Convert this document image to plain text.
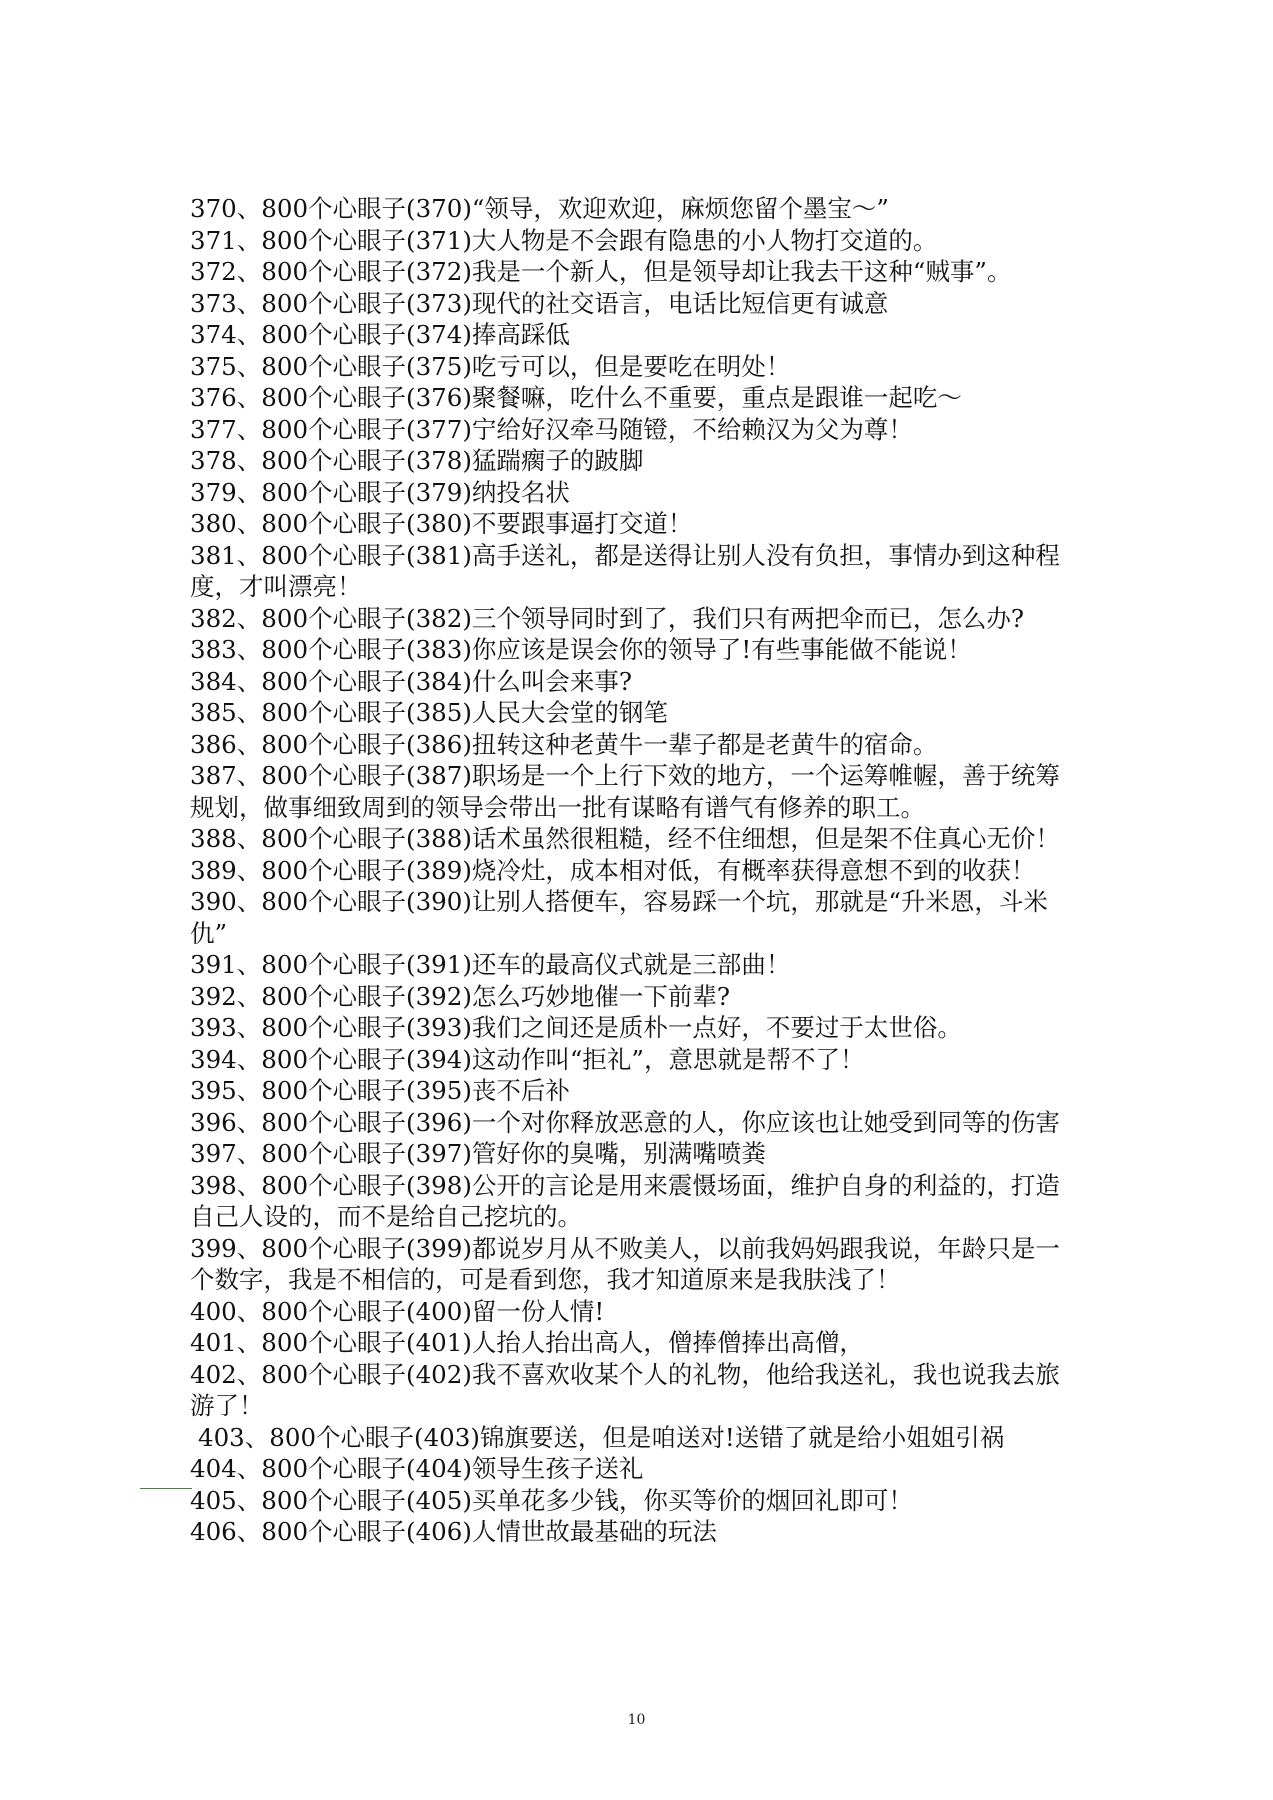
370、800个心眼子(370)“领导，欢迎欢迎，麻烦您留个墨宝～”
371、800个心眼子(371)大人物是不会跟有隐患的小人物打交道的。
372、800个心眼子(372)我是一个新人，但是领导却让我去干这种“贼事”。
373、800个心眼子(373)现代的社交语言，电话比短信更有诚意
374、800个心眼子(374)捧高踩低
375、800个心眼子(375)吃亏可以，但是要吃在明处！
376、800个心眼子(376)聚餐嘛，吃什么不重要，重点是跟谁一起吃～
377、800个心眼子(377)宁给好汉牵马随镫，不给赖汉为父为尊！
378、800个心眼子(378)猛踹瘸子的跛脚
379、800个心眼子(379)纳投名状
380、800个心眼子(380)不要跟事逼打交道！
381、800个心眼子(381)高手送礼，都是送得让别人没有负担，事情办到这种程度，才叫漂亮！
382、800个心眼子(382)三个领导同时到了，我们只有两把伞而已，怎么办?
383、800个心眼子(383)你应该是误会你的领导了!有些事能做不能说！
384、800个心眼子(384)什么叫会来事?
385、800个心眼子(385)人民大会堂的钢笔
386、800个心眼子(386)扭转这种老黄牛一辈子都是老黄牛的宿命。
387、800个心眼子(387)职场是一个上行下效的地方，一个运筹帷幄，善于统筹规划，做事细致周到的领导会带出一批有谋略有谱气有修养的职工。
388、800个心眼子(388)话术虽然很粗糙，经不住细想，但是架不住真心无价！
389、800个心眼子(389)烧冷灶，成本相对低，有概率获得意想不到的收获！
390、800个心眼子(390)让别人搭便车，容易踩一个坑，那就是“升米恩，斗米仇”
391、800个心眼子(391)还车的最高仪式就是三部曲！
392、800个心眼子(392)怎么巧妙地催一下前辈?
393、800个心眼子(393)我们之间还是质朴一点好，不要过于太世俗。
394、800个心眼子(394)这动作叫“拒礼”，意思就是帮不了！
395、800个心眼子(395)丧不后补
396、800个心眼子(396)一个对你释放恶意的人，你应该也让她受到同等的伤害
397、800个心眼子(397)管好你的臭嘴，别满嘴喷粪
398、800个心眼子(398)公开的言论是用来震慑场面，维护自身的利益的，打造自己人设的，而不是给自己挖坑的。
399、800个心眼子(399)都说岁月从不败美人，以前我妈妈跟我说，年龄只是一个数字，我是不相信的，可是看到您，我才知道原来是我肤浅了！
400、800个心眼子(400)留一份人情!
401、800个心眼子(401)人抬人抬出高人，僧捧僧捧出高僧，
402、800个心眼子(402)我不喜欢收某个人的礼物，他给我送礼，我也说我去旅游了！
403、800个心眼子(403)锦旗要送，但是咱送对!送错了就是给小姐姐引祸
404、800个心眼子(404)领导生孩子送礼
405、800个心眼子(405)买单花多少钱，你买等价的烟回礼即可！
406、800个心眼子(406)人情世故最基础的玩法
10
